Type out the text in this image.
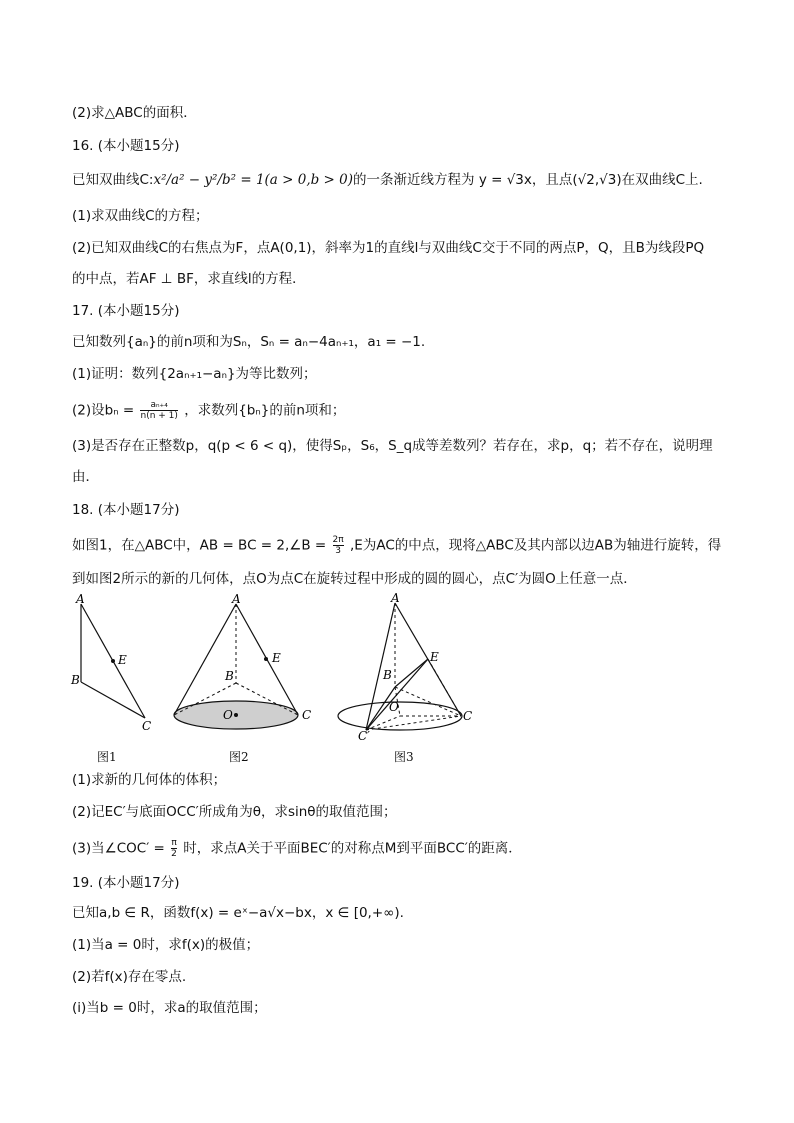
(2)求△ABC的面积．
16. (本小题15分)
已知双曲线C:x²/a² − y²/b² = 1(a > 0,b > 0)的一条渐近线方程为 y = √3x，且点(√2,√3)在双曲线C上.
(1)求双曲线C的方程；
(2)已知双曲线C的右焦点为F，点A(0,1)，斜率为1的直线l与双曲线C交于不同的两点P，Q，且B为线段PQ
的中点，若AF ⊥ BF，求直线l的方程．
17. (本小题15分)
已知数列{aₙ}的前n项和为Sₙ，Sₙ = aₙ−4aₙ₊₁，a₁ = −1.
(1)证明：数列{2aₙ₊₁−aₙ}为等比数列；
(2)设$b_n = \frac{\text{aₙ₊₄}}{n(n + 1)}$ ，求数列{bₙ}的前n项和；
(3)是否存在正整数p，q(p < 6 < q)，使得Sₚ，S₆，S_q成等差数列？若存在，求p，q；若不存在，说明理
由．
18. (本小题17分)
如图1，在△ABC中，AB = BC = 2,∠B = $\frac{2\pi}{3} ,E$为AC的中点，现将△ABC及其内部以边AB为轴进行旋转，得
到如图2所示的新的几何体，点O为点C在旋转过程中形成的圆的圆心，点C′为圆O上任意一点．
A
B
C
E
图1
A
B
C
E
O
图2
A
B
E
O
C
C′
图3
(1)求新的几何体的体积；
(2)记EC′与底面OCC′所成角为θ，求sinθ的取值范围；
(3)当∠COC′ = $\frac{\pi}{2}$ 时，求点A关于平面BEC′的对称点M到平面BCC′的距离．
19. (本小题17分)
已知a,b ∈ R，函数f(x) = eˣ−a√x−bx，x ∈ [0,+∞).
(1)当a = 0时，求f(x)的极值；
(2)若f(x)存在零点.
(i)当b = 0时，求a的取值范围；
